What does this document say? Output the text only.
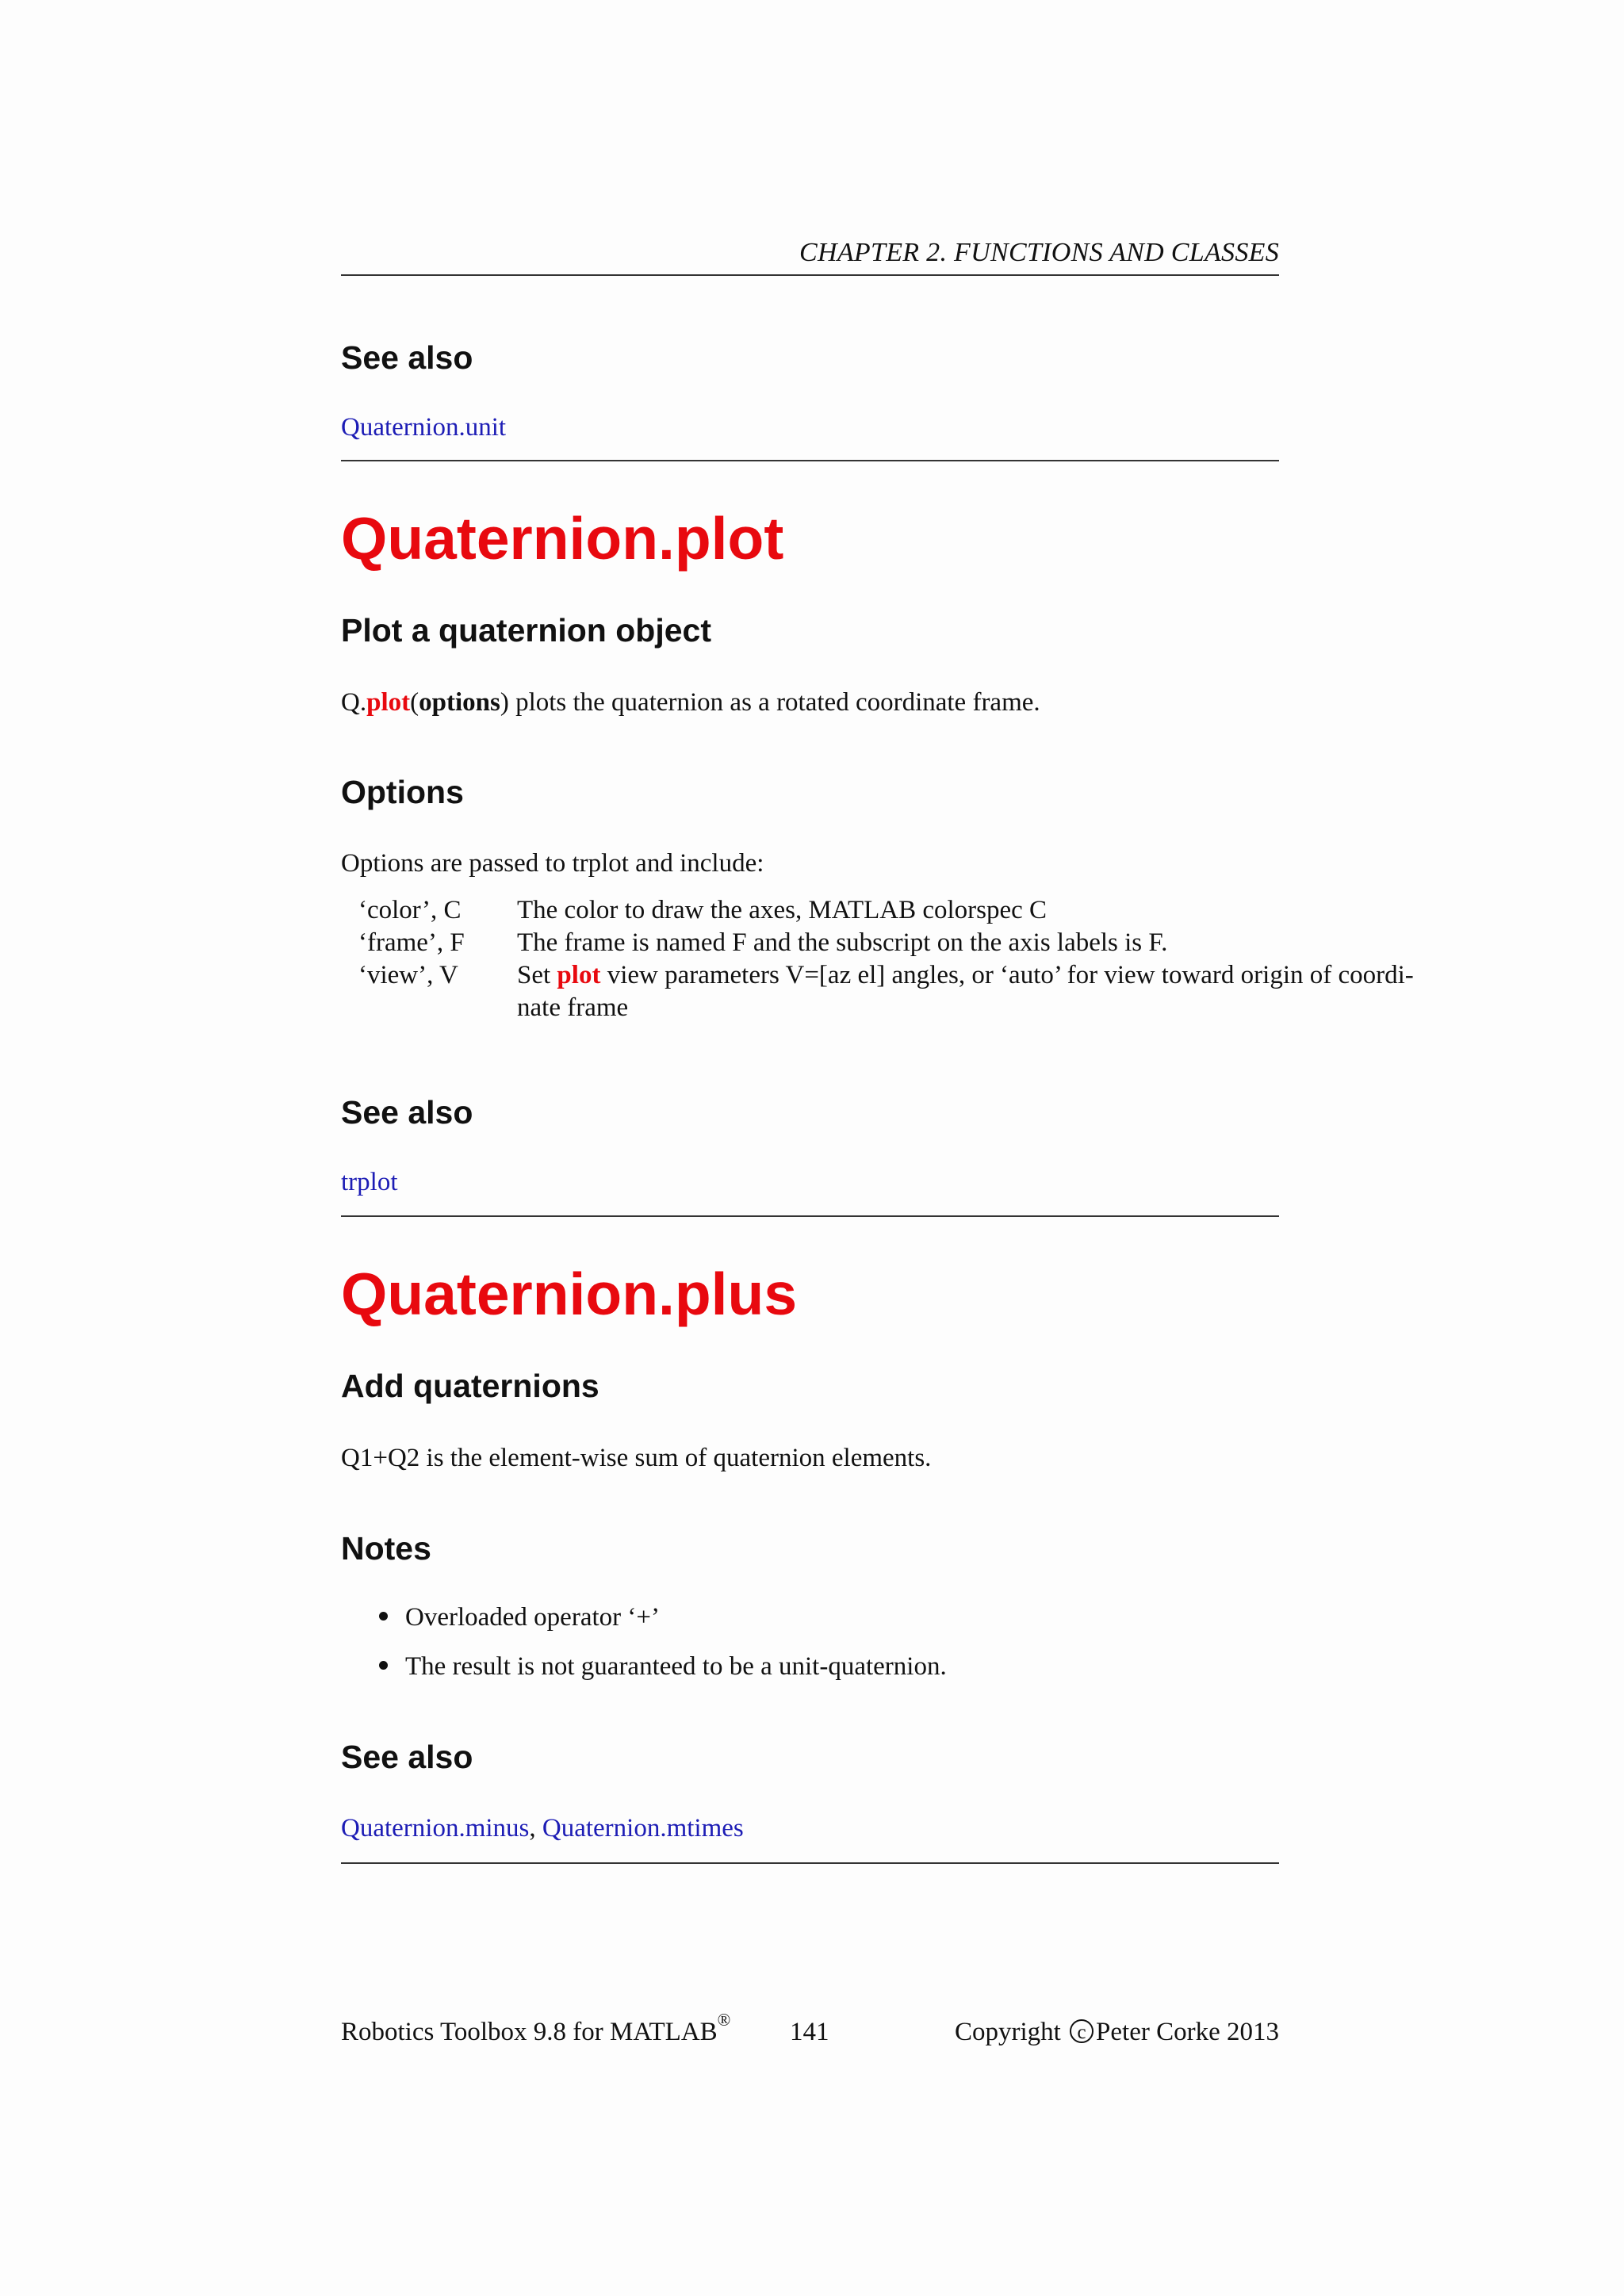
CHAPTER 2. FUNCTIONS AND CLASSES
See also
Quaternion.unit
Quaternion.plot
Plot a quaternion object
Q.plot(options) plots the quaternion as a rotated coordinate frame.
Options
Options are passed to trplot and include:
‘color’, C	The color to draw the axes, MATLAB colorspec C
‘frame’, F	The frame is named F and the subscript on the axis labels is F.
‘view’, V	Set plot view parameters V=[az el] angles, or ‘auto’ for view toward origin of coordi-
nate frame
See also
trplot
Quaternion.plus
Add quaternions
Q1+Q2 is the element-wise sum of quaternion elements.
Notes
Overloaded operator ‘+’
The result is not guaranteed to be a unit-quaternion.
See also
Quaternion.minus, Quaternion.mtimes
Robotics Toolbox 9.8 for MATLAB® 141	Copyright c Peter Corke 2013
